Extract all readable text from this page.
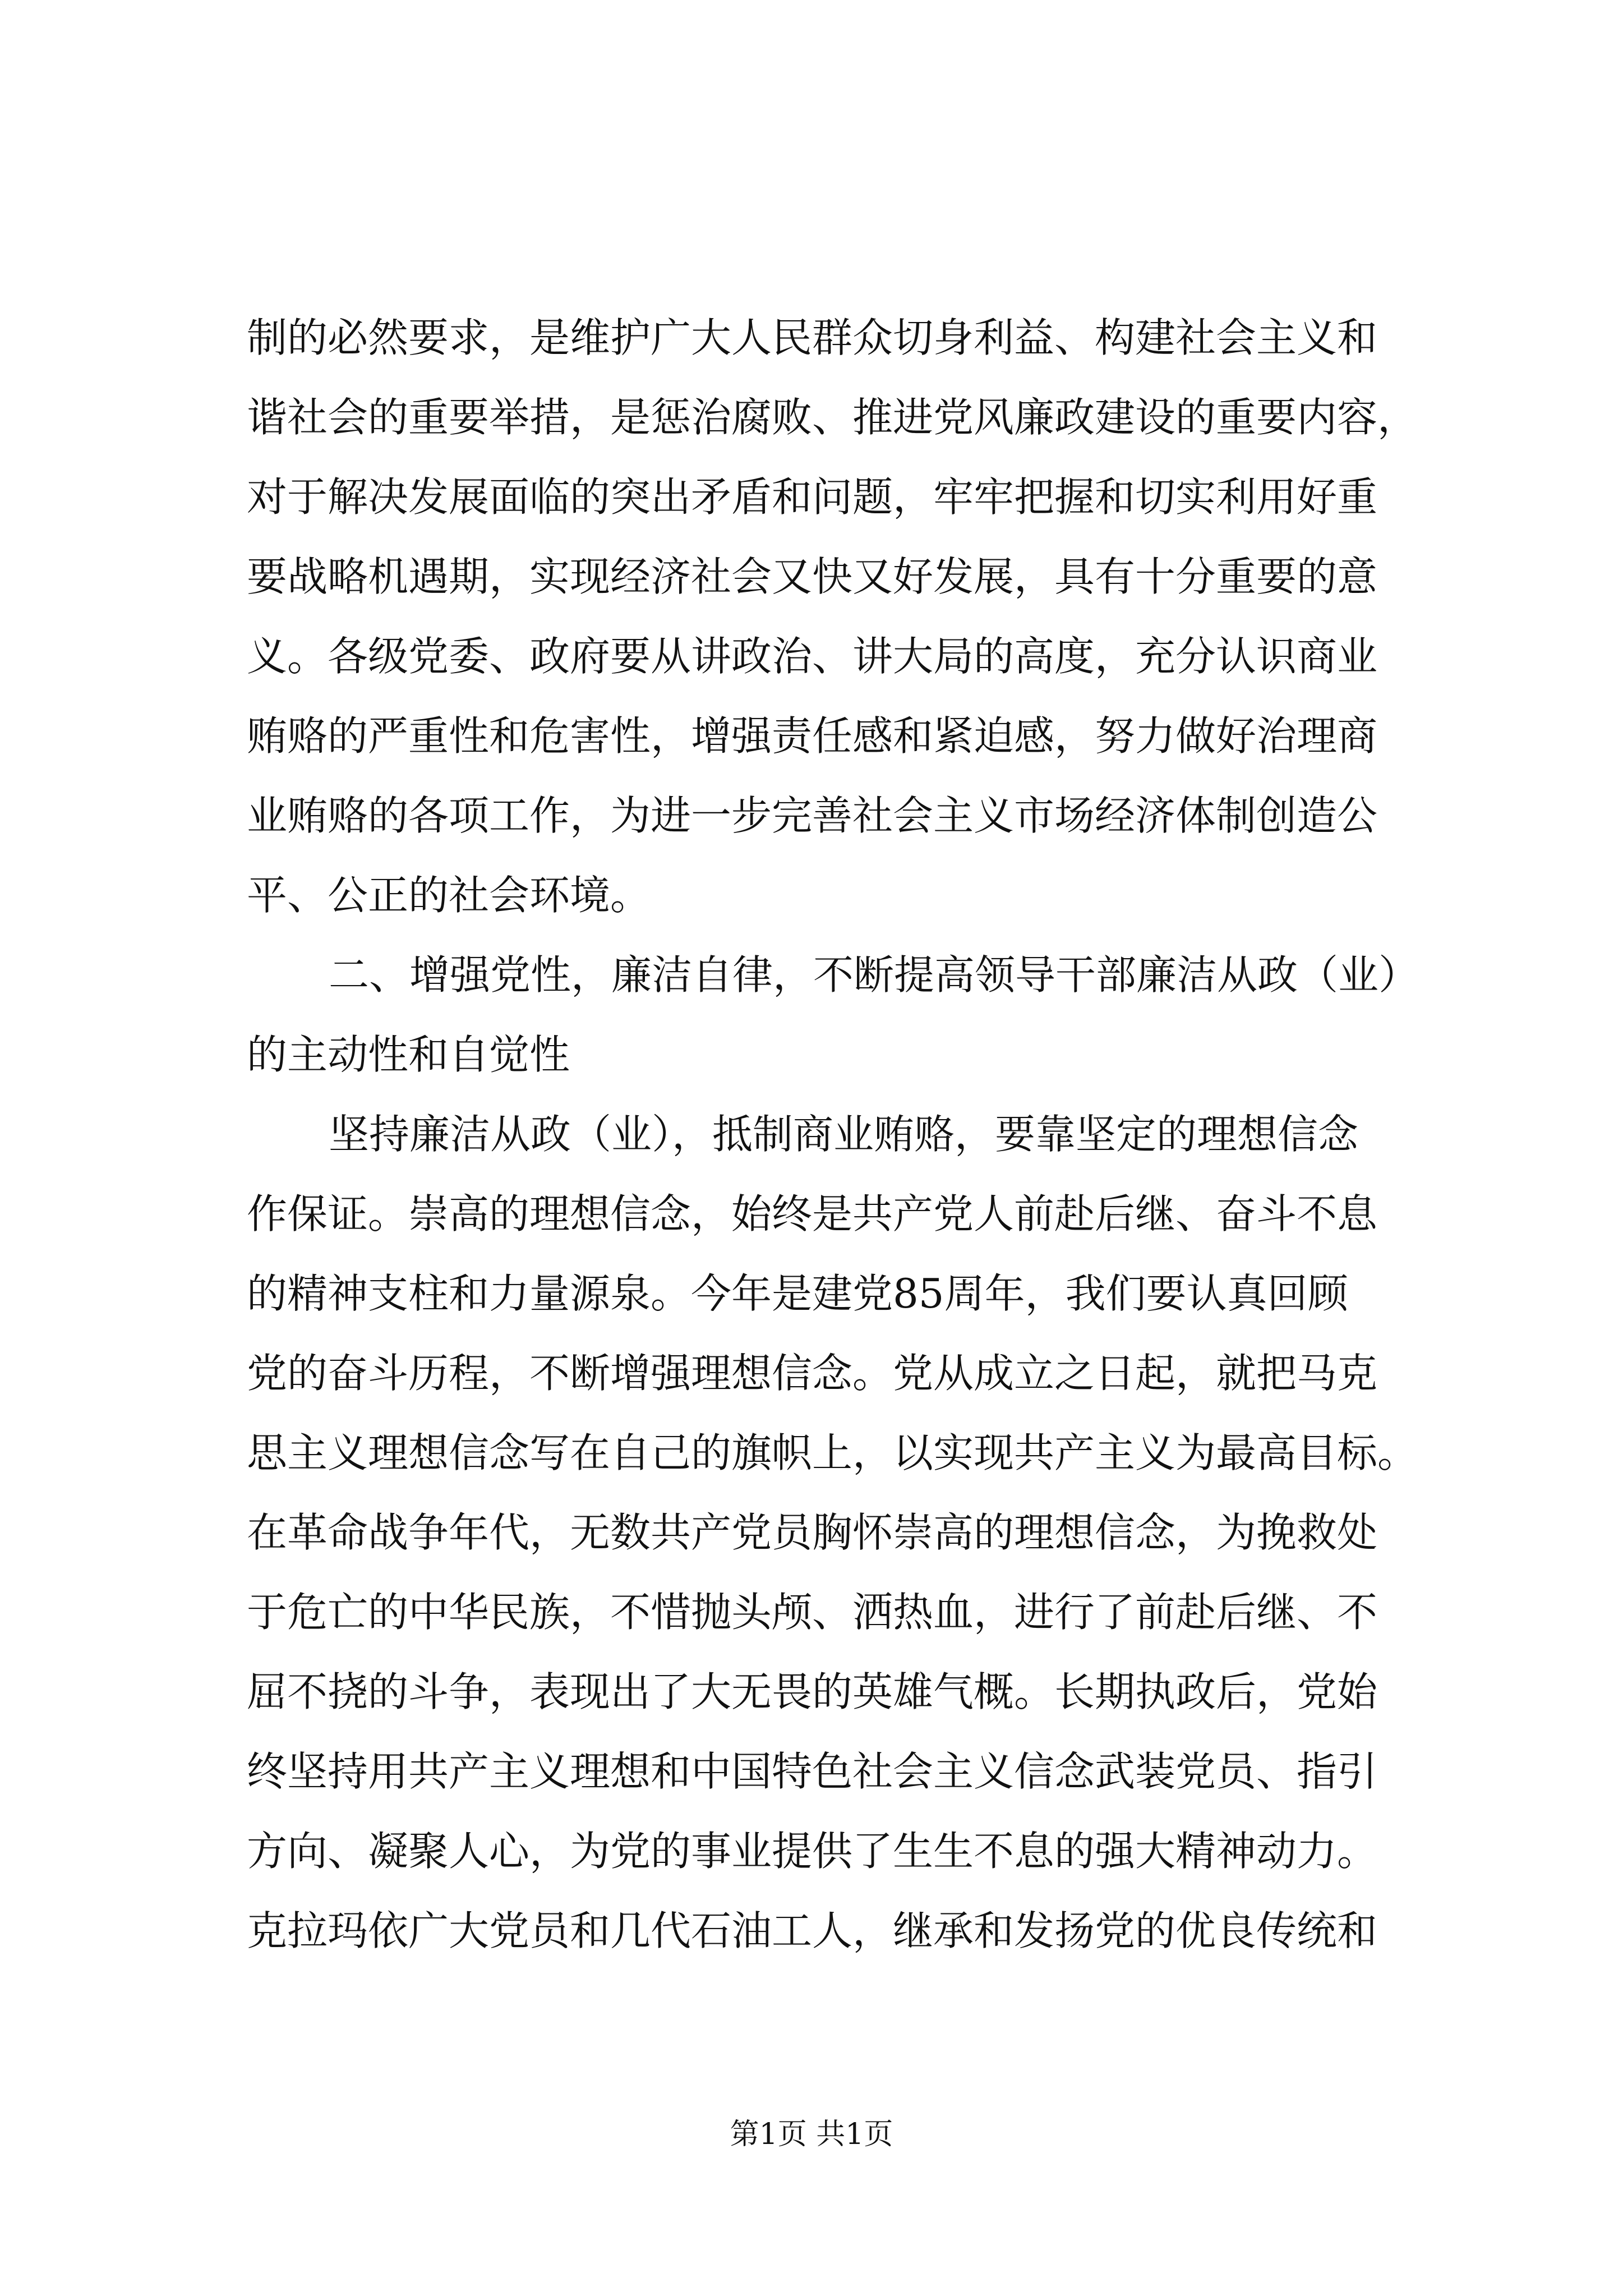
制的必然要求，是维护广大人民群众切身利益、构建社会主义和
谐社会的重要举措，是惩治腐败、推进党风廉政建设的重要内容，
对于解决发展面临的突出矛盾和问题，牢牢把握和切实利用好重
要战略机遇期，实现经济社会又快又好发展，具有十分重要的意
义。各级党委、政府要从讲政治、讲大局的高度，充分认识商业
贿赂的严重性和危害性，增强责任感和紧迫感，努力做好治理商
业贿赂的各项工作，为进一步完善社会主义市场经济体制创造公
平、公正的社会环境。
二、增强党性，廉洁自律，不断提高领导干部廉洁从政（业）
的主动性和自觉性
坚持廉洁从政（业），抵制商业贿赂，要靠坚定的理想信念
作保证。崇高的理想信念，始终是共产党人前赴后继、奋斗不息
的精神支柱和力量源泉。今年是建党85周年，我们要认真回顾
党的奋斗历程，不断增强理想信念。党从成立之日起，就把马克
思主义理想信念写在自己的旗帜上，以实现共产主义为最高目标。
在革命战争年代，无数共产党员胸怀崇高的理想信念，为挽救处
于危亡的中华民族，不惜抛头颅、洒热血，进行了前赴后继、不
屈不挠的斗争，表现出了大无畏的英雄气概。长期执政后，党始
终坚持用共产主义理想和中国特色社会主义信念武装党员、指引
方向、凝聚人心，为党的事业提供了生生不息的强大精神动力。
克拉玛依广大党员和几代石油工人，继承和发扬党的优良传统和
第1页 共1页
